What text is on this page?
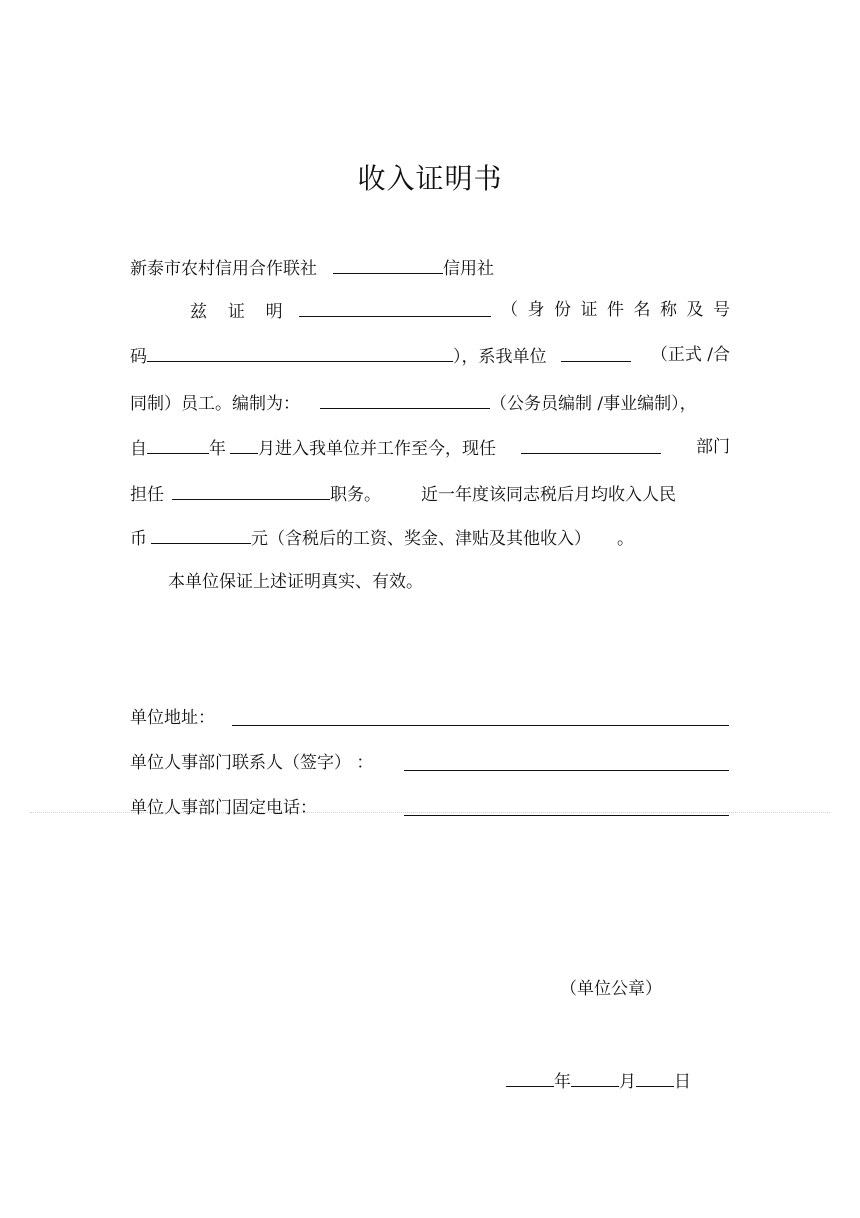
收入证明书
新泰市农村信用合作联社	信用社
兹 证 明	（ 身 份 证 件 名 称 及 号
码	），系我单位	（正式 /合
同制）员工。编制为：	（公务员编制 /事业编制），
自	年 月进入我单位并工作至今，现任	部门
担任	职务。 近一年度该同志税后月均收入人民
币	元（含税后的工资、奖金、津贴及其他收入） 。
本单位保证上述证明真实、有效。
单位地址：
单位人事部门联系人（签字） ：
单位人事部门固定电话：
（单位公章）
年	月 日
